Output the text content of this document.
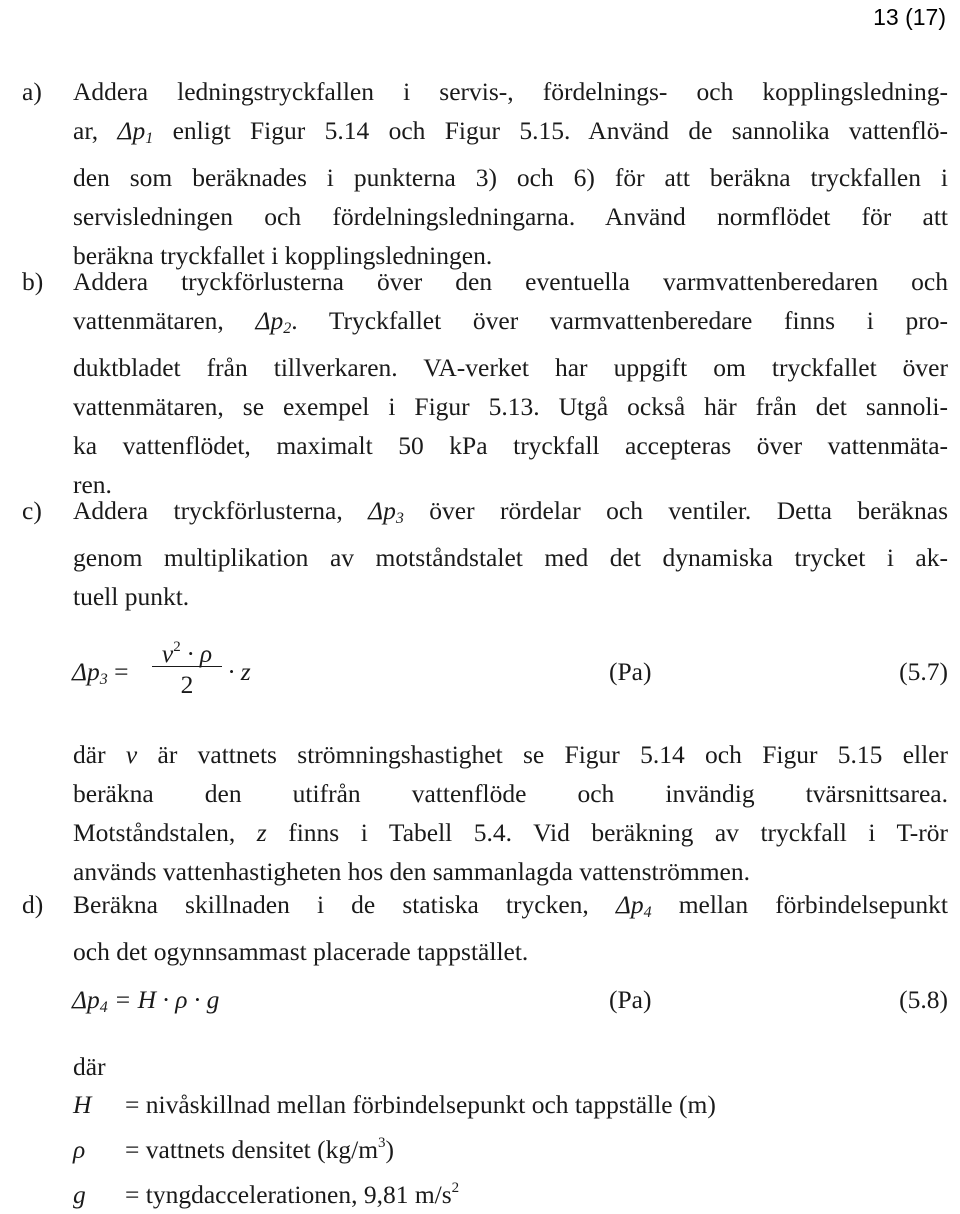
13 (17)
a) Addera ledningstryckfallen i servis-, fördelnings- och kopplingsledning-
ar, $\Delta p_1$ enligt Figur 5.14 och Figur 5.15. Använd de sannolika vattenflö-
den som beräknades i punkterna 3) och 6) för att beräkna tryckfallen i
servisledningen och fördelningsledningarna. Använd normflödet för att
beräkna tryckfallet i kopplingsledningen.
b) Addera tryckförlusterna över den eventuella varmvattenberedaren och
vattenmätaren, $\Delta p_2$. Tryckfallet över varmvattenberedare finns i pro-
duktbladet från tillverkaren. VA-verket har uppgift om tryckfallet över
vattenmätaren, se exempel i Figur 5.13. Utgå också här från det sannoli-
ka vattenflödet, maximalt 50 kPa tryckfall accepteras över vattenmäta-
ren.
c) Addera tryckförlusterna, $\Delta p_3$ över rördelar och ventiler. Detta beräknas
genom multiplikation av motståndstalet med det dynamiska trycket i ak-
tuell punkt.
$\Delta p_3$ =
$v^2 \cdot \rho$
2	· z	(Pa)	(5.7)
där v är vattnets strömningshastighet se Figur 5.14 och Figur 5.15 eller
beräkna den utifrån vattenflöde och invändig tvärsnittsarea.
Motståndstalen, z finns i Tabell 5.4. Vid beräkning av tryckfall i T-rör
används vattenhastigheten hos den sammanlagda vattenströmmen.
d) Beräkna skillnaden i de statiska trycken, $\Delta p_4$ mellan förbindelsepunkt
och det ogynnsammast placerade tappstället.
$\Delta p_4 = H \cdot \rho \cdot g$	(Pa)	(5.8)
där
H = nivåskillnad mellan förbindelsepunkt och tappställe (m)
ρ = vattnets densitet $(kg/m^3)$
g = tyngdaccelerationen, 9,81 $m/s^2$
